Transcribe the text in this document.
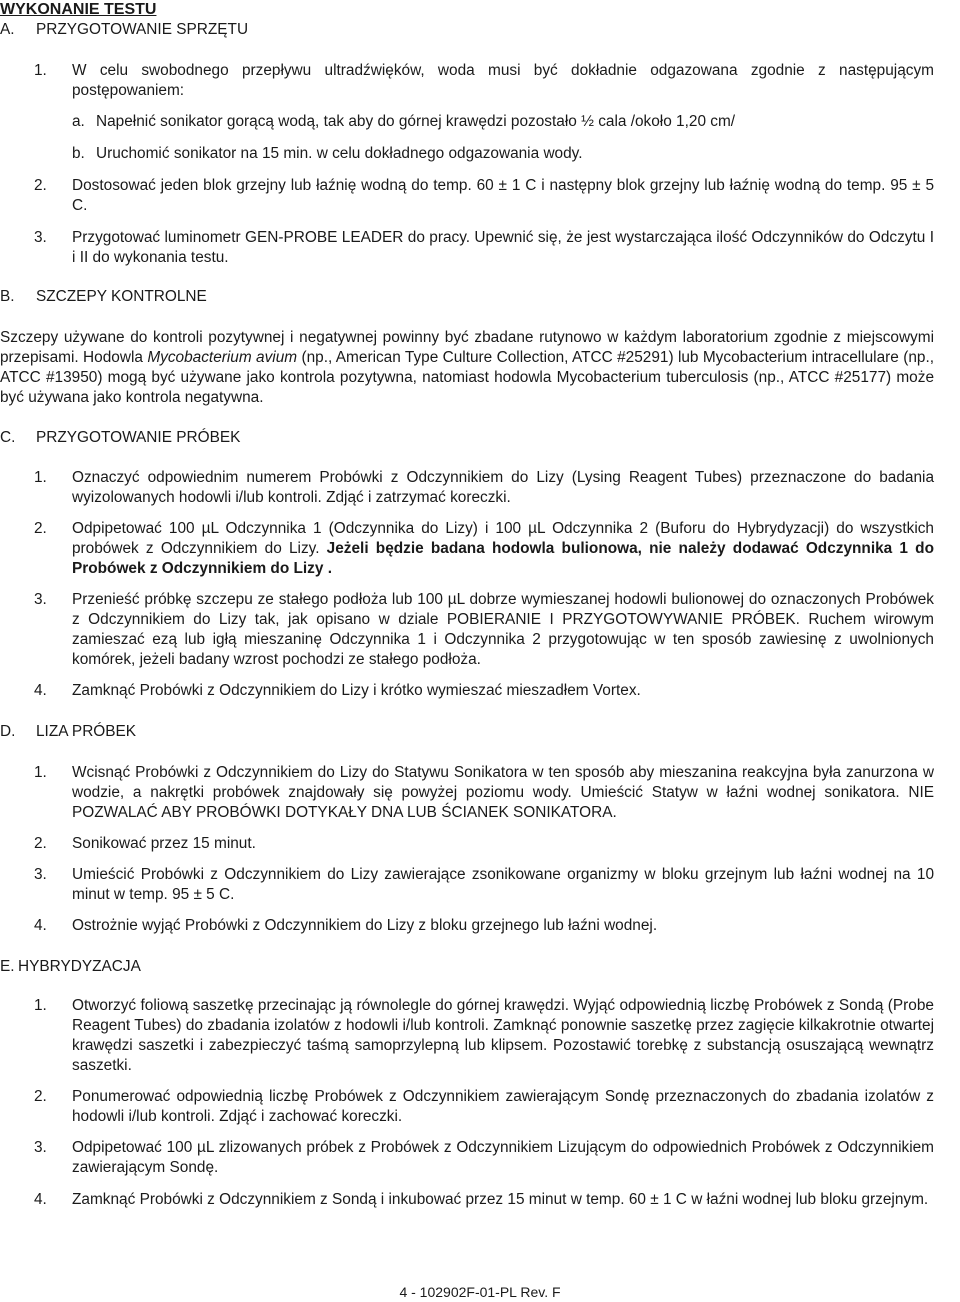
WYKONANIE TESTU
A. PRZYGOTOWANIE SPRZĘTU
1. W celu swobodnego przepływu ultradźwięków, woda musi być dokładnie odgazowana zgodnie z następującym postępowaniem:
a. Napełnić sonikator gorącą wodą, tak aby do górnej krawędzi pozostało ½ cala /około 1,20 cm/
b. Uruchomić sonikator na 15 min. w celu dokładnego odgazowania wody.
2. Dostosować jeden blok grzejny lub łaźnię wodną do temp. 60 ± 1 C i następny blok grzejny lub łaźnię wodną do temp. 95 ± 5 C.
3. Przygotować luminometr GEN-PROBE LEADER do pracy. Upewnić się, że jest wystarczająca ilość Odczynników do Odczytu I i II do wykonania testu.
B. SZCZEPY KONTROLNE
Szczepy używane do kontroli pozytywnej i negatywnej powinny być zbadane rutynowo w każdym laboratorium zgodnie z miejscowymi przepisami. Hodowla Mycobacterium avium (np., American Type Culture Collection, ATCC #25291) lub Mycobacterium intracellulare (np., ATCC #13950) mogą być używane jako kontrola pozytywna, natomiast hodowla Mycobacterium tuberculosis (np., ATCC #25177) może być używana jako kontrola negatywna.
C. PRZYGOTOWANIE PRÓBEK
1. Oznaczyć odpowiednim numerem Probówki z Odczynnikiem do Lizy (Lysing Reagent Tubes) przeznaczone do badania wyizolowanych hodowli i/lub kontroli. Zdjąć i zatrzymać koreczki.
2. Odpipetować 100 µL Odczynnika 1 (Odczynnika do Lizy) i 100 µL Odczynnika 2 (Buforu do Hybrydyzacji) do wszystkich probówek z Odczynnikiem do Lizy. Jeżeli będzie badana hodowla bulionowa, nie należy dodawać Odczynnika 1 do Probówek z Odczynnikiem do Lizy .
3. Przenieść próbkę szczepu ze stałego podłoża lub 100 µL dobrze wymieszanej hodowli bulionowej do oznaczonych Probówek z Odczynnikiem do Lizy tak, jak opisano w dziale POBIERANIE I PRZYGOTOWYWANIE PRÓBEK. Ruchem wirowym zamieszać ezą lub igłą mieszaninę Odczynnika 1 i Odczynnika 2 przygotowując w ten sposób zawiesinę z uwolnionych komórek, jeżeli badany wzrost pochodzi ze stałego podłoża.
4. Zamknąć Probówki z Odczynnikiem do Lizy i krótko wymieszać mieszadłem Vortex.
D. LIZA PRÓBEK
1. Wcisnąć Probówki z Odczynnikiem do Lizy do Statywu Sonikatora w ten sposób aby mieszanina reakcyjna była zanurzona w wodzie, a nakrętki probówek znajdowały się powyżej poziomu wody. Umieścić Statyw w łaźni wodnej sonikatora. NIE POZWALAĆ ABY PROBÓWKI DOTYKAŁY DNA LUB ŚCIANEK SONIKATORA.
2. Sonikować przez 15 minut.
3. Umieścić Probówki z Odczynnikiem do Lizy zawierające zsonikowane organizmy w bloku grzejnym lub łaźni wodnej na 10 minut w temp. 95 ± 5 C.
4. Ostrożnie wyjąć Probówki z Odczynnikiem do Lizy z bloku grzejnego lub łaźni wodnej.
E. HYBRYDYZACJA
1. Otworzyć foliową saszetkę przecinając ją równolegle do górnej krawędzi. Wyjąć odpowiednią liczbę Probówek z Sondą (Probe Reagent Tubes) do zbadania izolatów z hodowli i/lub kontroli. Zamknąć ponownie saszetkę przez zagięcie kilkakrotnie otwartej krawędzi saszetki i zabezpieczyć taśmą samoprzylepną lub klipsem. Pozostawić torebkę z substancją osuszającą wewnątrz saszetki.
2. Ponumerować odpowiednią liczbę Probówek z Odczynnikiem zawierającym Sondę przeznaczonych do zbadania izolatów z hodowli i/lub kontroli. Zdjąć i zachować koreczki.
3. Odpipetować 100 µL zlizowanych próbek z Probówek z Odczynnikiem Lizującym do odpowiednich Probówek z Odczynnikiem zawierającym Sondę.
4. Zamknąć Probówki z Odczynnikiem z Sondą i inkubować przez 15 minut w temp. 60 ± 1 C w łaźni wodnej lub bloku grzejnym.
4 - 102902F-01-PL Rev. F
